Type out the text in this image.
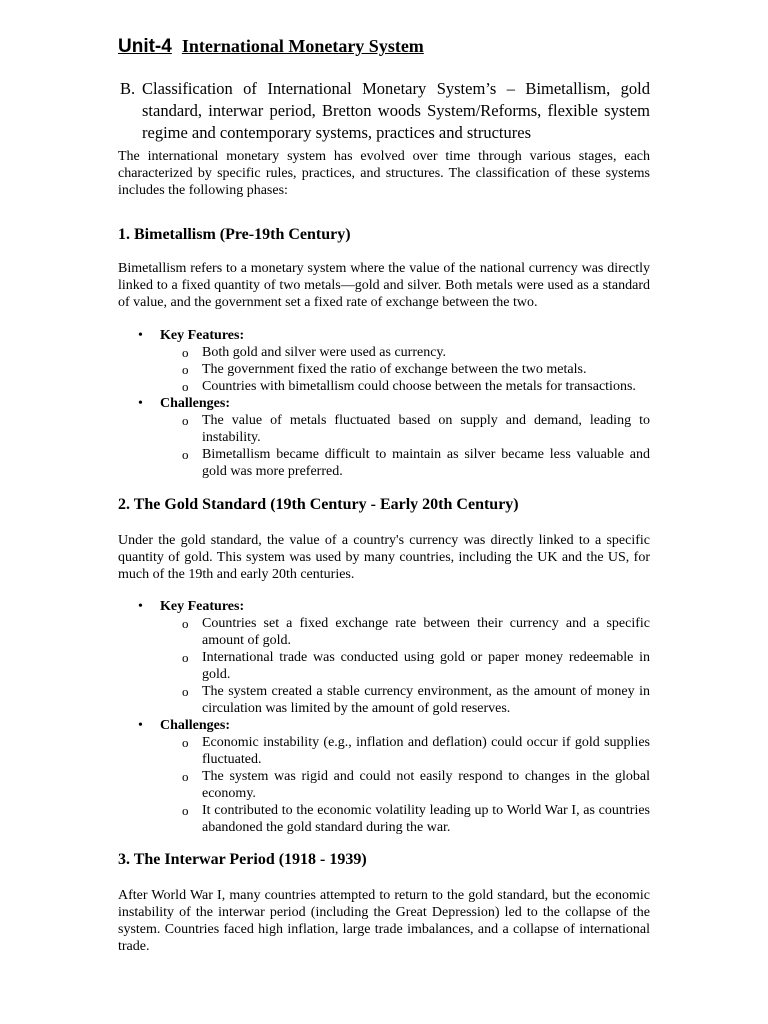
Unit-4 International Monetary System
B. Classification of International Monetary System’s – Bimetallism, gold standard, interwar period, Bretton woods System/Reforms, flexible system regime and contemporary systems, practices and structures

The international monetary system has evolved over time through various stages, each characterized by specific rules, practices, and structures. The classification of these systems includes the following phases:

1. Bimetallism (Pre-19th Century)

Bimetallism refers to a monetary system where the value of the national currency was directly linked to a fixed quantity of two metals—gold and silver. Both metals were used as a standard of value, and the government set a fixed rate of exchange between the two.

• Key Features:
o Both gold and silver were used as currency.
o The government fixed the ratio of exchange between the two metals.
o Countries with bimetallism could choose between the metals for transactions.
• Challenges:
o The value of metals fluctuated based on supply and demand, leading to instability.
o Bimetallism became difficult to maintain as silver became less valuable and gold was more preferred.
2. The Gold Standard (19th Century - Early 20th Century)

Under the gold standard, the value of a country's currency was directly linked to a specific quantity of gold. This system was used by many countries, including the UK and the US, for much of the 19th and early 20th centuries.

• Key Features:
o Countries set a fixed exchange rate between their currency and a specific amount of gold.
o International trade was conducted using gold or paper money redeemable in gold.
o The system created a stable currency environment, as the amount of money in circulation was limited by the amount of gold reserves.
• Challenges:
o Economic instability (e.g., inflation and deflation) could occur if gold supplies fluctuated.
o The system was rigid and could not easily respond to changes in the global economy.
o It contributed to the economic volatility leading up to World War I, as countries abandoned the gold standard during the war.
3. The Interwar Period (1918 - 1939)

After World War I, many countries attempted to return to the gold standard, but the economic instability of the interwar period (including the Great Depression) led to the collapse of the system. Countries faced high inflation, large trade imbalances, and a collapse of international trade.
